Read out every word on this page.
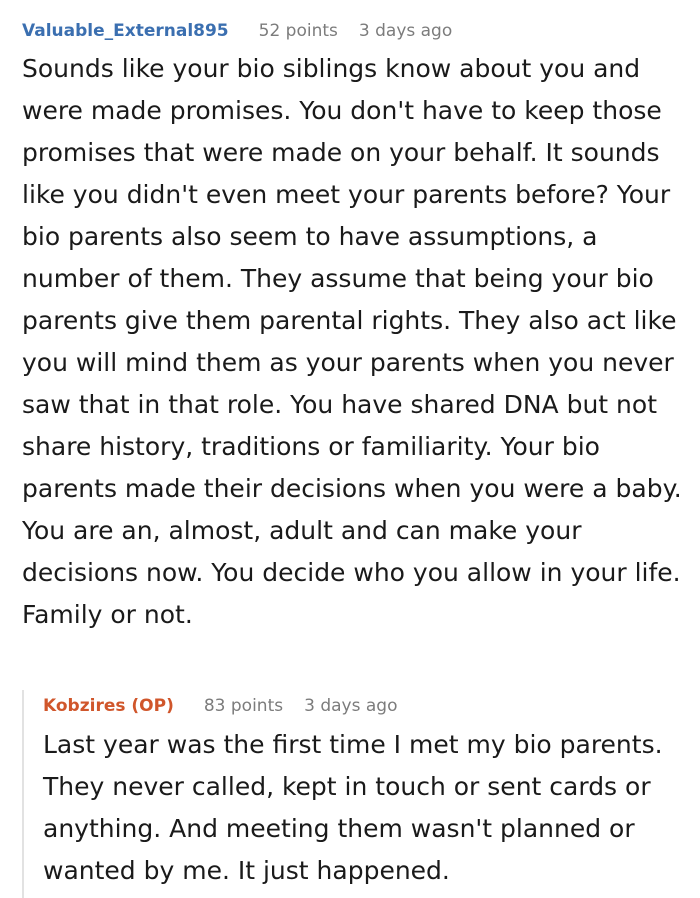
Valuable_External895 52 points 3 days ago

Sounds like your bio siblings know about you and were made promises. You don't have to keep those promises that were made on your behalf. It sounds like you didn't even meet your parents before? Your bio parents also seem to have assumptions, a number of them. They assume that being your bio parents give them parental rights. They also act like you will mind them as your parents when you never saw that in that role. You have shared DNA but not share history, traditions or familiarity. Your bio parents made their decisions when you were a baby. You are an, almost, adult and can make your decisions now. You decide who you allow in your life. Family or not.

Kobzires (OP) 83 points 3 days ago

Last year was the first time I met my bio parents. They never called, kept in touch or sent cards or anything. And meeting them wasn't planned or wanted by me. It just happened.
